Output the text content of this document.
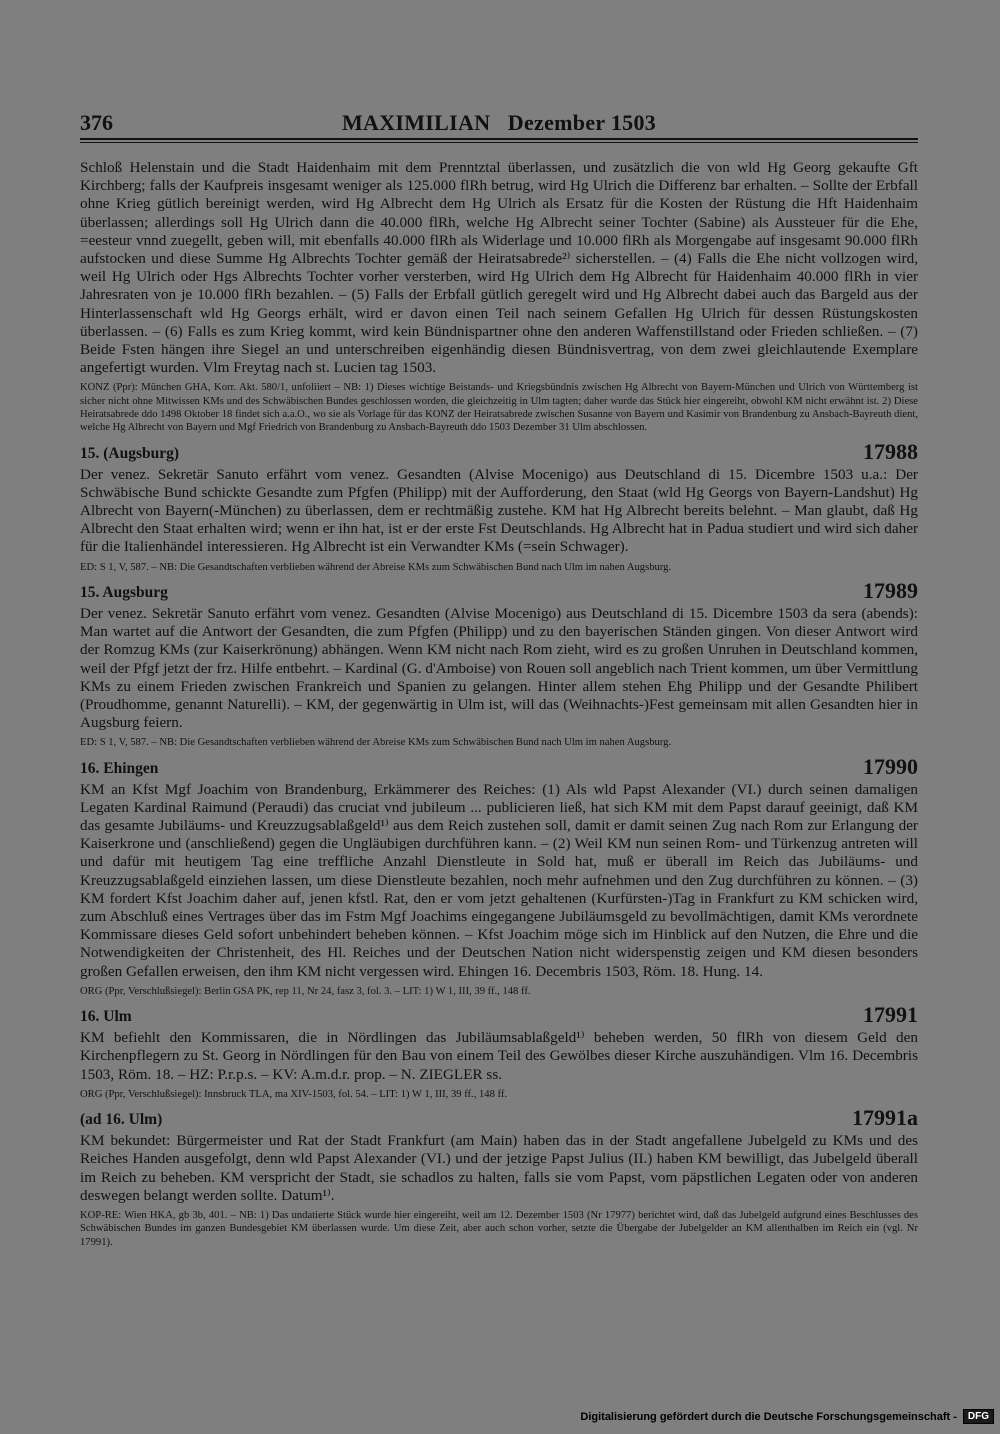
376	MAXIMILIAN   Dezember 1503

Schloß Helenstain und die Stadt Haidenhaim mit dem Prenntztal überlassen, und zusätzlich die von wld Hg Georg gekaufte Gft Kirchberg; falls der Kaufpreis insgesamt weniger als 125.000 flRh betrug, wird Hg Ulrich die Differenz bar erhalten. – Sollte der Erbfall ohne Krieg gütlich bereinigt werden, wird Hg Albrecht dem Hg Ulrich als Ersatz für die Kosten der Rüstung die Hft Haidenhaim überlassen; allerdings soll Hg Ulrich dann die 40.000 flRh, welche Hg Albrecht seiner Tochter (Sabine) als Aussteuer für die Ehe, =eesteur vnnd zuegellt, geben will, mit ebenfalls 40.000 flRh als Widerlage und 10.000 flRh als Morgengabe auf insgesamt 90.000 flRh aufstocken und diese Summe Hg Albrechts Tochter gemäß der Heiratsabrede²⁾ sicherstellen. – (4) Falls die Ehe nicht vollzogen wird, weil Hg Ulrich oder Hgs Albrechts Tochter vorher versterben, wird Hg Ulrich dem Hg Albrecht für Haidenhaim 40.000 flRh in vier Jahresraten von je 10.000 flRh bezahlen. – (5) Falls der Erbfall gütlich geregelt wird und Hg Albrecht dabei auch das Bargeld aus der Hinterlassenschaft wld Hg Georgs erhält, wird er davon einen Teil nach seinem Gefallen Hg Ulrich für dessen Rüstungskosten überlassen. – (6) Falls es zum Krieg kommt, wird kein Bündnispartner ohne den anderen Waffenstillstand oder Frieden schließen. – (7) Beide Fsten hängen ihre Siegel an und unterschreiben eigenhändig diesen Bündnisvertrag, von dem zwei gleichlautende Exemplare angefertigt wurden. Vlm Freytag nach st. Lucien tag 1503.

KONZ (Ppr): München GHA, Korr. Akt. 580/1, unfoliiert – NB: 1) Dieses wichtige Beistands- und Kriegsbündnis zwischen Hg Albrecht von Bayern-München und Ulrich von Württemberg ist sicher nicht ohne Mitwissen KMs und des Schwäbischen Bundes geschlossen worden, die gleichzeitig in Ulm tagten; daher wurde das Stück hier eingereiht, obwohl KM nicht erwähnt ist. 2) Diese Heiratsabrede ddo 1498 Oktober 18 findet sich a.a.O., wo sie als Vorlage für das KONZ der Heiratsabrede zwischen Susanne von Bayern und Kasimir von Brandenburg zu Ansbach-Bayreuth dient, welche Hg Albrecht von Bayern und Mgf Friedrich von Brandenburg zu Ansbach-Bayreuth ddo 1503 Dezember 31 Ulm abschlossen.

15. (Augsburg)	17988

Der venez. Sekretär Sanuto erfährt vom venez. Gesandten (Alvise Mocenigo) aus Deutschland di 15. Dicembre 1503 u.a.: Der Schwäbische Bund schickte Gesandte zum Pfgfen (Philipp) mit der Aufforderung, den Staat (wld Hg Georgs von Bayern-Landshut) Hg Albrecht von Bayern(-München) zu überlassen, dem er rechtmäßig zustehe. KM hat Hg Albrecht bereits belehnt. – Man glaubt, daß Hg Albrecht den Staat erhalten wird; wenn er ihn hat, ist er der erste Fst Deutschlands. Hg Albrecht hat in Padua studiert und wird sich daher für die Italienhändel interessieren. Hg Albrecht ist ein Verwandter KMs (=sein Schwager).

ED: S 1, V, 587. – NB: Die Gesandtschaften verblieben während der Abreise KMs zum Schwäbischen Bund nach Ulm im nahen Augsburg.

15. Augsburg	17989

Der venez. Sekretär Sanuto erfährt vom venez. Gesandten (Alvise Mocenigo) aus Deutschland di 15. Dicembre 1503 da sera (abends): Man wartet auf die Antwort der Gesandten, die zum Pfgfen (Philipp) und zu den bayerischen Ständen gingen. Von dieser Antwort wird der Romzug KMs (zur Kaiserkrönung) abhängen. Wenn KM nicht nach Rom zieht, wird es zu großen Unruhen in Deutschland kommen, weil der Pfgf jetzt der frz. Hilfe entbehrt. – Kardinal (G. d'Amboise) von Rouen soll angeblich nach Trient kommen, um über Vermittlung KMs zu einem Frieden zwischen Frankreich und Spanien zu gelangen. Hinter allem stehen Ehg Philipp und der Gesandte Philibert (Proudhomme, genannt Naturelli). – KM, der gegenwärtig in Ulm ist, will das (Weihnachts-)Fest gemeinsam mit allen Gesandten hier in Augsburg feiern.

ED: S 1, V, 587. – NB: Die Gesandtschaften verblieben während der Abreise KMs zum Schwäbischen Bund nach Ulm im nahen Augsburg.

16. Ehingen	17990

KM an Kfst Mgf Joachim von Brandenburg, Erkämmerer des Reiches: (1) Als wld Papst Alexander (VI.) durch seinen damaligen Legaten Kardinal Raimund (Peraudi) das cruciat vnd jubileum ... publicieren ließ, hat sich KM mit dem Papst darauf geeinigt, daß KM das gesamte Jubiläums- und Kreuzzugsablaßgeld¹⁾ aus dem Reich zustehen soll, damit er damit seinen Zug nach Rom zur Erlangung der Kaiserkrone und (anschließend) gegen die Ungläubigen durchführen kann. – (2) Weil KM nun seinen Rom- und Türkenzug antreten will und dafür mit heutigem Tag eine treffliche Anzahl Dienstleute in Sold hat, muß er überall im Reich das Jubiläums- und Kreuzzugsablaßgeld einziehen lassen, um diese Dienstleute bezahlen, noch mehr aufnehmen und den Zug durchführen zu können. – (3) KM fordert Kfst Joachim daher auf, jenen kfstl. Rat, den er vom jetzt gehaltenen (Kurfürsten-)Tag in Frankfurt zu KM schicken wird, zum Abschluß eines Vertrages über das im Fstm Mgf Joachims eingegangene Jubiläumsgeld zu bevollmächtigen, damit KMs verordnete Kommissare dieses Geld sofort unbehindert beheben können. – Kfst Joachim möge sich im Hinblick auf den Nutzen, die Ehre und die Notwendigkeiten der Christenheit, des Hl. Reiches und der Deutschen Nation nicht widerspenstig zeigen und KM diesen besonders großen Gefallen erweisen, den ihm KM nicht vergessen wird. Ehingen 16. Decembris 1503, Röm. 18. Hung. 14.

ORG (Ppr, Verschlußsiegel): Berlin GSA PK, rep 11, Nr 24, fasz 3, fol. 3. – LIT: 1) W 1, III, 39 ff., 148 ff.

16. Ulm	17991

KM befiehlt den Kommissaren, die in Nördlingen das Jubiläumsablaßgeld¹⁾ beheben werden, 50 flRh von diesem Geld den Kirchenpflegern zu St. Georg in Nördlingen für den Bau von einem Teil des Gewölbes dieser Kirche auszuhändigen. Vlm 16. Decembris 1503, Röm. 18. – HZ: P.r.p.s. – KV: A.m.d.r. prop. – N. ZIEGLER ss.

ORG (Ppr, Verschlußsiegel): Innsbruck TLA, ma XIV-1503, fol. 54. – LIT: 1) W 1, III, 39 ff., 148 ff.

(ad 16. Ulm)	17991a

KM bekundet: Bürgermeister und Rat der Stadt Frankfurt (am Main) haben das in der Stadt angefallene Jubelgeld zu KMs und des Reiches Handen ausgefolgt, denn wld Papst Alexander (VI.) und der jetzige Papst Julius (II.) haben KM bewilligt, das Jubelgeld überall im Reich zu beheben. KM verspricht der Stadt, sie schadlos zu halten, falls sie vom Papst, vom päpstlichen Legaten oder von anderen deswegen belangt werden sollte. Datum¹⁾.

KOP-RE: Wien HKA, gb 3b, 401. – NB: 1) Das undatierte Stück wurde hier eingereiht, weil am 12. Dezember 1503 (Nr 17977) berichtet wird, daß das Jubelgeld aufgrund eines Beschlusses des Schwäbischen Bundes im ganzen Bundesgebiet KM überlassen wurde. Um diese Zeit, aber auch schon vorher, setzte die Übergabe der Jubelgelder an KM allenthalben im Reich ein (vgl. Nr 17991).

Digitalisierung gefördert durch die Deutsche Forschungsgemeinschaft -	DFG
